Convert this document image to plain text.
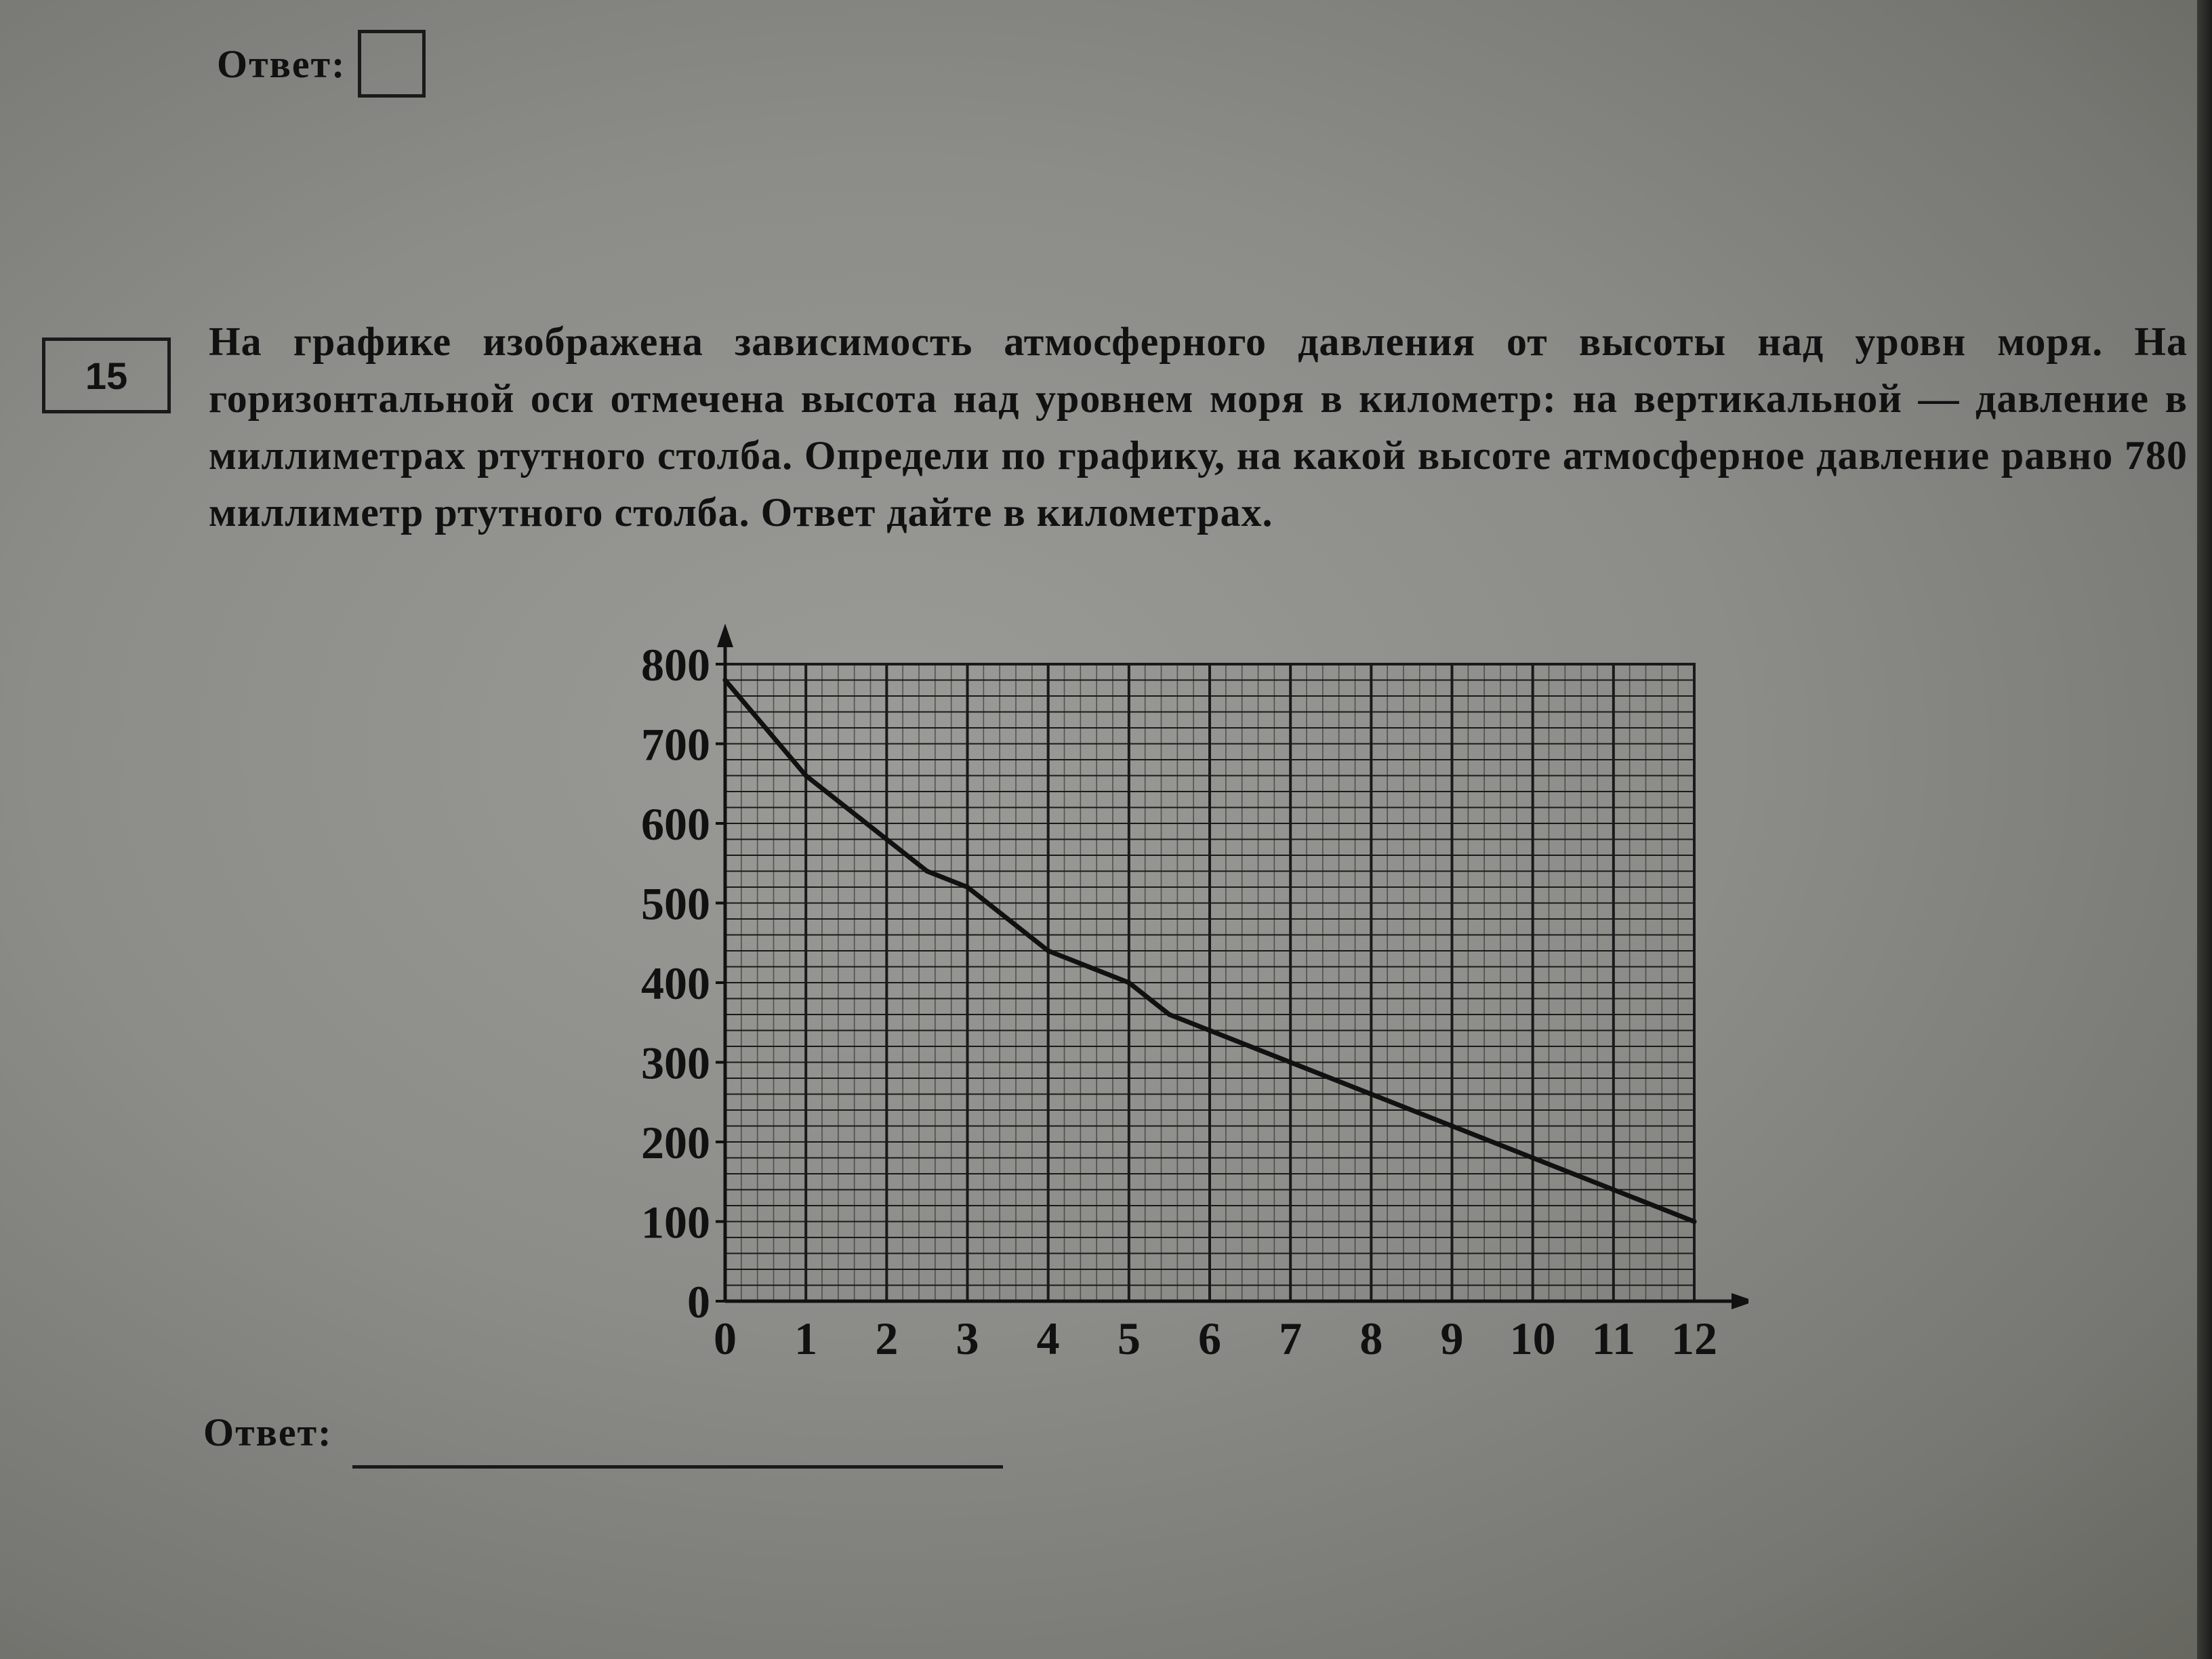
Ответ:
15
На графике изображена зависимость атмосферного давления от высоты над уровн моря. На горизонтальной оси отмечена высота над уровнем моря в километр: на вертикальной — давление в миллиметрах ртутного столба. Определи по графику, на какой высоте атмосферное давление равно 780 миллиметр ртутного столба. Ответ дайте в километрах.
0 1 2 3 4 5 6 7 8 9 10 11 12
0
100
200
300
400
500
600
700
800
Ответ:
